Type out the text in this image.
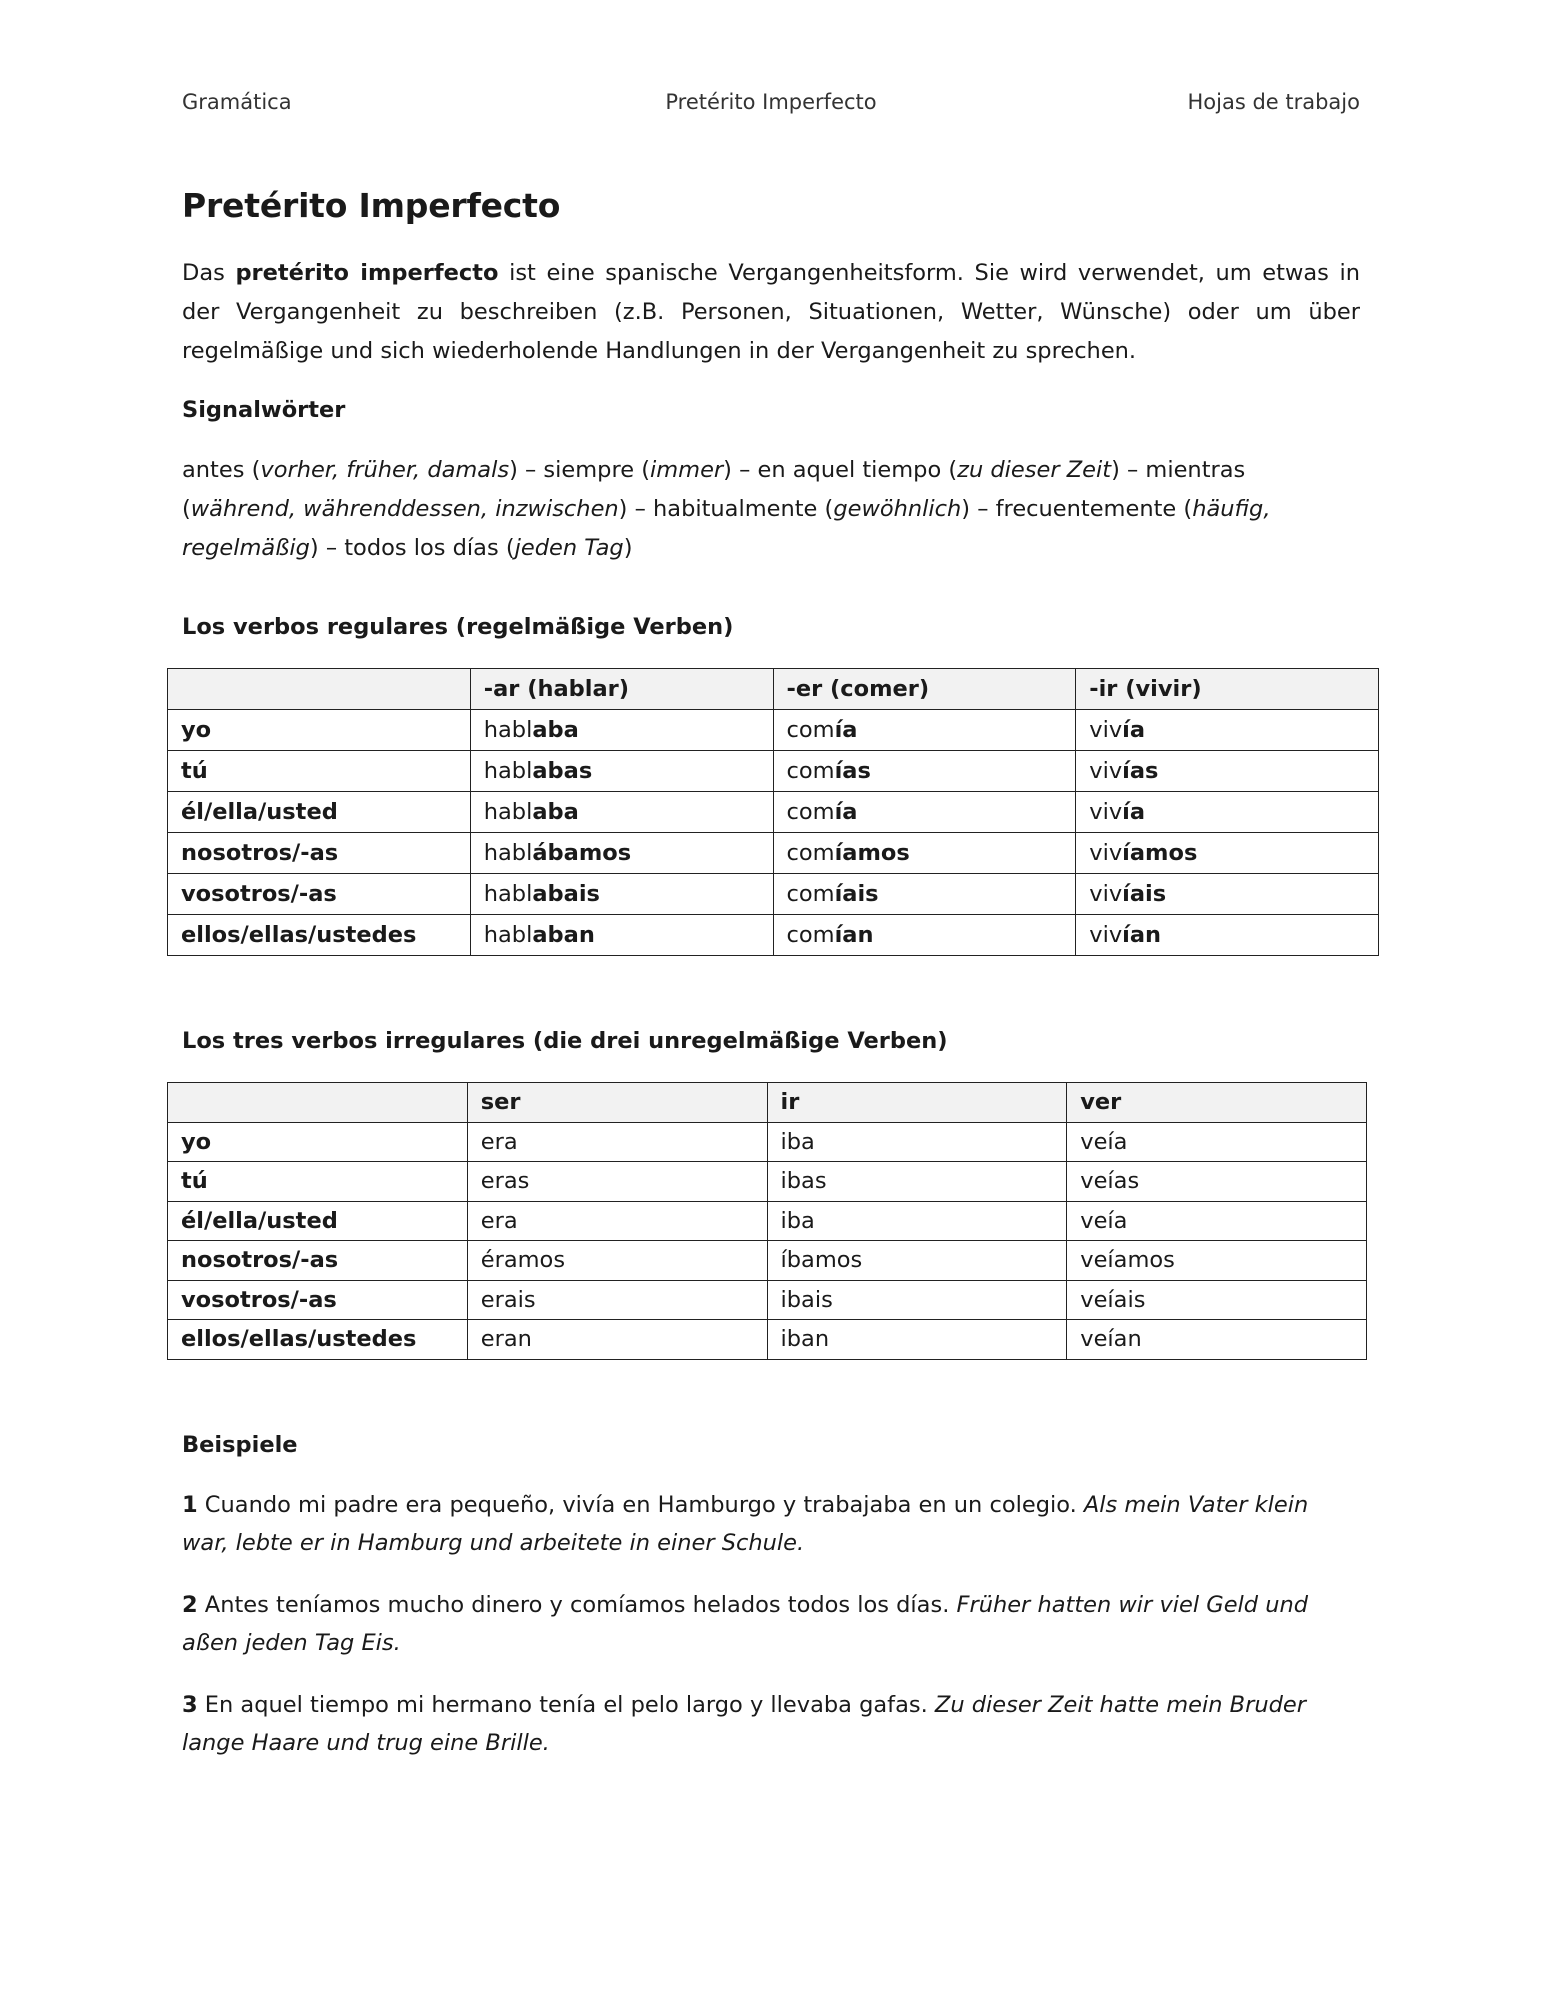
Gramática	Pretérito Imperfecto	Hojas de trabajo
Pretérito Imperfecto

Das pretérito imperfecto ist eine spanische Vergangenheitsform. Sie wird verwendet, um etwas in der Vergangenheit zu beschreiben (z.B. Personen, Situationen, Wetter, Wünsche) oder um über regelmäßige und sich wiederholende Handlungen in der Vergangenheit zu sprechen.

Signalwörter

antes (vorher, früher, damals) – siempre (immer) – en aquel tiempo (zu dieser Zeit) – mientras (während, währenddessen, inzwischen) – habitualmente (gewöhnlich) – frecuentemente (häufig, regelmäßig) – todos los días (jeden Tag)

Los verbos regulares (regelmäßige Verben)
	-ar (hablar)	-er (comer)	-ir (vivir)
yo	hablaba	comía	vivía
tú	hablabas	comías	vivías
él/ella/usted	hablaba	comía	vivía
nosotros/-as	hablábamos	comíamos	vivíamos
vosotros/-as	hablabais	comíais	vivíais
ellos/ellas/ustedes	hablaban	comían	vivían
Los tres verbos irregulares (die drei unregelmäßige Verben)
	ser	ir	ver
yo	era	iba	veía
tú	eras	ibas	veías
él/ella/usted	era	iba	veía
nosotros/-as	éramos	íbamos	veíamos
vosotros/-as	erais	ibais	veíais
ellos/ellas/ustedes	eran	iban	veían
Beispiele

1 Cuando mi padre era pequeño, vivía en Hamburgo y trabajaba en un colegio. Als mein Vater klein war, lebte er in Hamburg und arbeitete in einer Schule.

2 Antes teníamos mucho dinero y comíamos helados todos los días. Früher hatten wir viel Geld und aßen jeden Tag Eis.

3 En aquel tiempo mi hermano tenía el pelo largo y llevaba gafas. Zu dieser Zeit hatte mein Bruder lange Haare und trug eine Brille.
